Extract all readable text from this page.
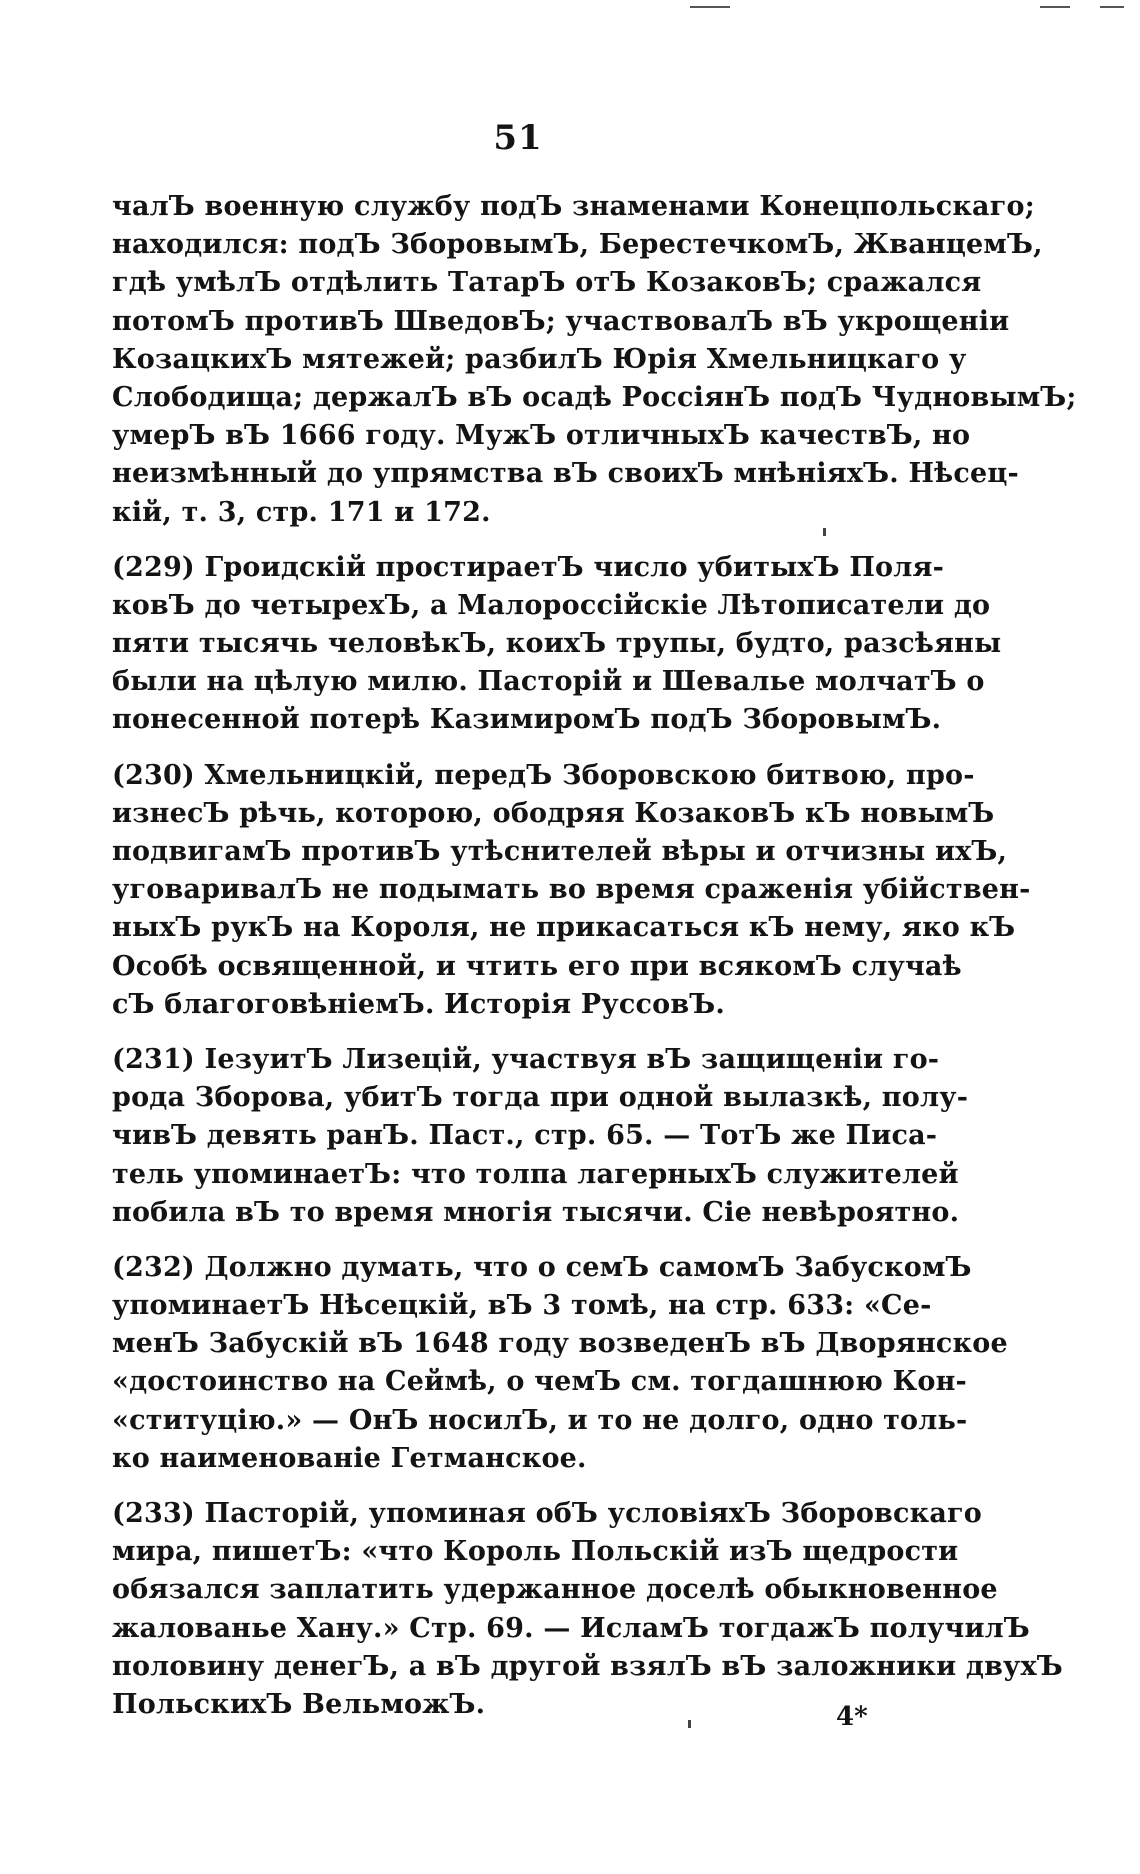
51
чалЪ военную службу подЪ знаменами Конецпольскаго;
находился: подЪ ЗборовымЪ, БерестечкомЪ, ЖванцемЪ,
гдѣ умѣлЪ отдѣлить ТатарЪ отЪ КозаковЪ; сражался
потомЪ противЪ ШведовЪ; участвовалЪ вЪ укрощеніи
КозацкихЪ мятежей; разбилЪ Юрія Хмельницкаго у
Слободища; держалЪ вЪ осадѣ РоссіянЪ подЪ ЧудновымЪ;
умерЪ вЪ 1666 году. МужЪ отличныхЪ качествЪ, но
неизмѣнный до упрямства вЪ своихЪ мнѣніяхЪ. Нѣсец-
кій, т. 3, стр. 171 и 172.
(229) Гроидскій простираетЪ число убитыхЪ Поля-
ковЪ до четырехЪ, а Малороссійскіе Лѣтописатели до
пяти тысячь человѣкЪ, коихЪ трупы, будто, разсѣяны
были на цѣлую милю. Пасторій и Шевалье молчатЪ о
понесенной потерѣ КазимиромЪ подЪ ЗборовымЪ.
(230) Хмельницкій, передЪ Зборовскою битвою, про-
изнесЪ рѣчь, которою, ободряя КозаковЪ кЪ новымЪ
подвигамЪ противЪ утѣснителей вѣры и отчизны ихЪ,
уговаривалЪ не подымать во время сраженія убійствен-
ныхЪ рукЪ на Короля, не прикасаться кЪ нему, яко кЪ
Особѣ освященной, и чтить его при всякомЪ случаѣ
сЪ благоговѣніемЪ. Исторія РуссовЪ.
(231) ІезуитЪ Лизецій, участвуя вЪ защищеніи го-
рода Зборова, убитЪ тогда при одной вылазкѣ, полу-
чивЪ девять ранЪ. Паст., стр. 65. — ТотЪ же Писа-
тель упоминаетЪ: что толпа лагерныхЪ служителей
побила вЪ то время многія тысячи. Сіе невѣроятно.
(232) Должно думать, что о семЪ самомЪ ЗабускомЪ
упоминаетЪ Нѣсецкій, вЪ 3 томѣ, на стр. 633: «Се-
менЪ Забускій вЪ 1648 году возведенЪ вЪ Дворянское
«достоинство на Сеймѣ, о чемЪ см. тогдашнюю Кон-
«ституцію.» — ОнЪ носилЪ, и то не долго, одно толь-
ко наименованіе Гетманское.
(233) Пасторій, упоминая обЪ условіяхЪ Зборовскаго
мира, пишетЪ: «что Король Польскій изЪ щедрости
обязался заплатить удержанное доселѣ обыкновенное
жалованье Хану.» Стр. 69. — ИсламЪ тогдажЪ получилЪ
половину денегЪ, а вЪ другой взялЪ вЪ заложники двухЪ
ПольскихЪ ВельможЪ.	4*
